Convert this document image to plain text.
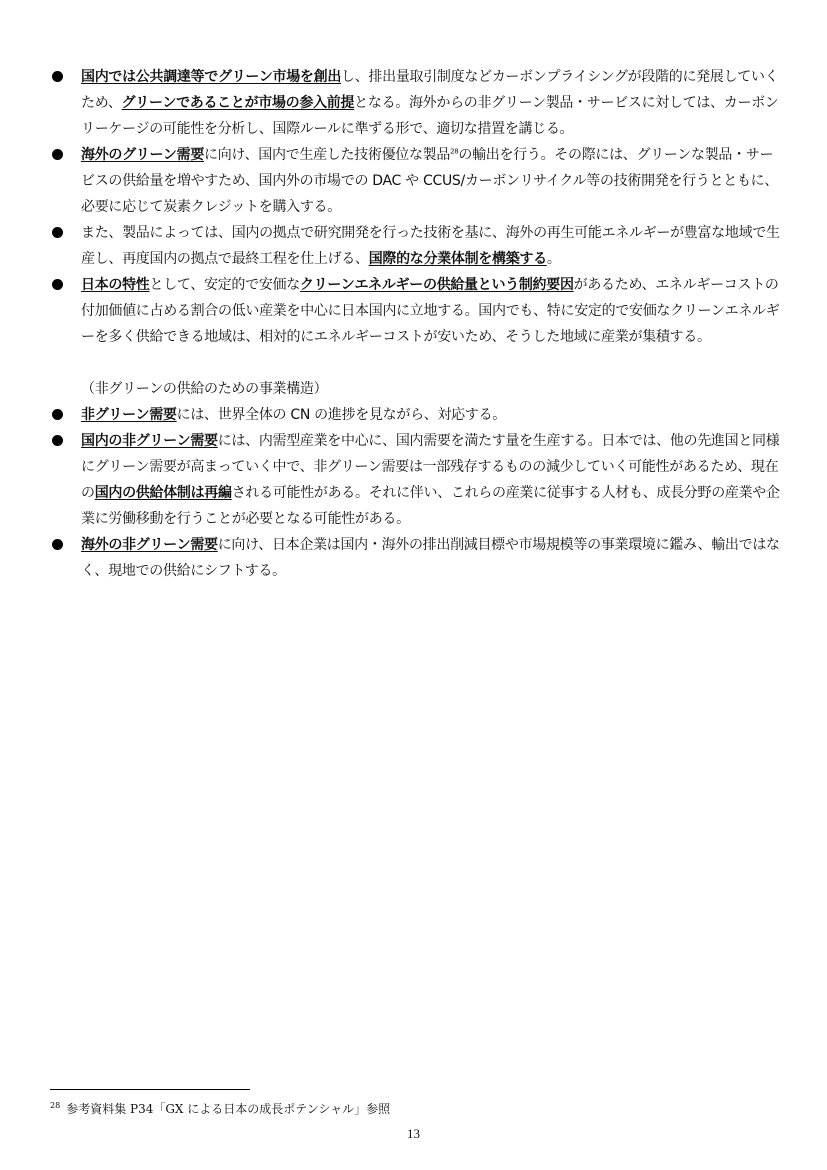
国内では公共調達等でグリーン市場を創出し、排出量取引制度などカーボンプライシングが段階的に発展していくため、グリーンであることが市場の参入前提となる。海外からの非グリーン製品・サービスに対しては、カーボンリーケージの可能性を分析し、国際ルールに準ずる形で、適切な措置を講じる。
海外のグリーン需要に向け、国内で生産した技術優位な製品$^{28}$の輸出を行う。その際には、グリーンな製品・サービスの供給量を増やすため、国内外の市場での DAC や CCUS/カーボンリサイクル等の技術開発を行うとともに、必要に応じて炭素クレジットを購入する。
また、製品によっては、国内の拠点で研究開発を行った技術を基に、海外の再生可能エネルギーが豊富な地域で生産し、再度国内の拠点で最終工程を仕上げる、国際的な分業体制を構築する。
日本の特性として、安定的で安価なクリーンエネルギーの供給量という制約要因があるため、エネルギーコストの付加価値に占める割合の低い産業を中心に日本国内に立地する。国内でも、特に安定的で安価なクリーンエネルギーを多く供給できる地域は、相対的にエネルギーコストが安いため、そうした地域に産業が集積する。
（非グリーンの供給のための事業構造）
非グリーン需要には、世界全体の CN の進捗を見ながら、対応する。
国内の非グリーン需要には、内需型産業を中心に、国内需要を満たす量を生産する。日本では、他の先進国と同様にグリーン需要が高まっていく中で、非グリーン需要は一部残存するものの減少していく可能性があるため、現在の国内の供給体制は再編される可能性がある。それに伴い、これらの産業に従事する人材も、成長分野の産業や企業に労働移動を行うことが必要となる可能性がある。
海外の非グリーン需要に向け、日本企業は国内・海外の排出削減目標や市場規模等の事業環境に鑑み、輸出ではなく、現地での供給にシフトする。
$^{28}$ 参考資料集 P34「GX による日本の成長ポテンシャル」参照
13
